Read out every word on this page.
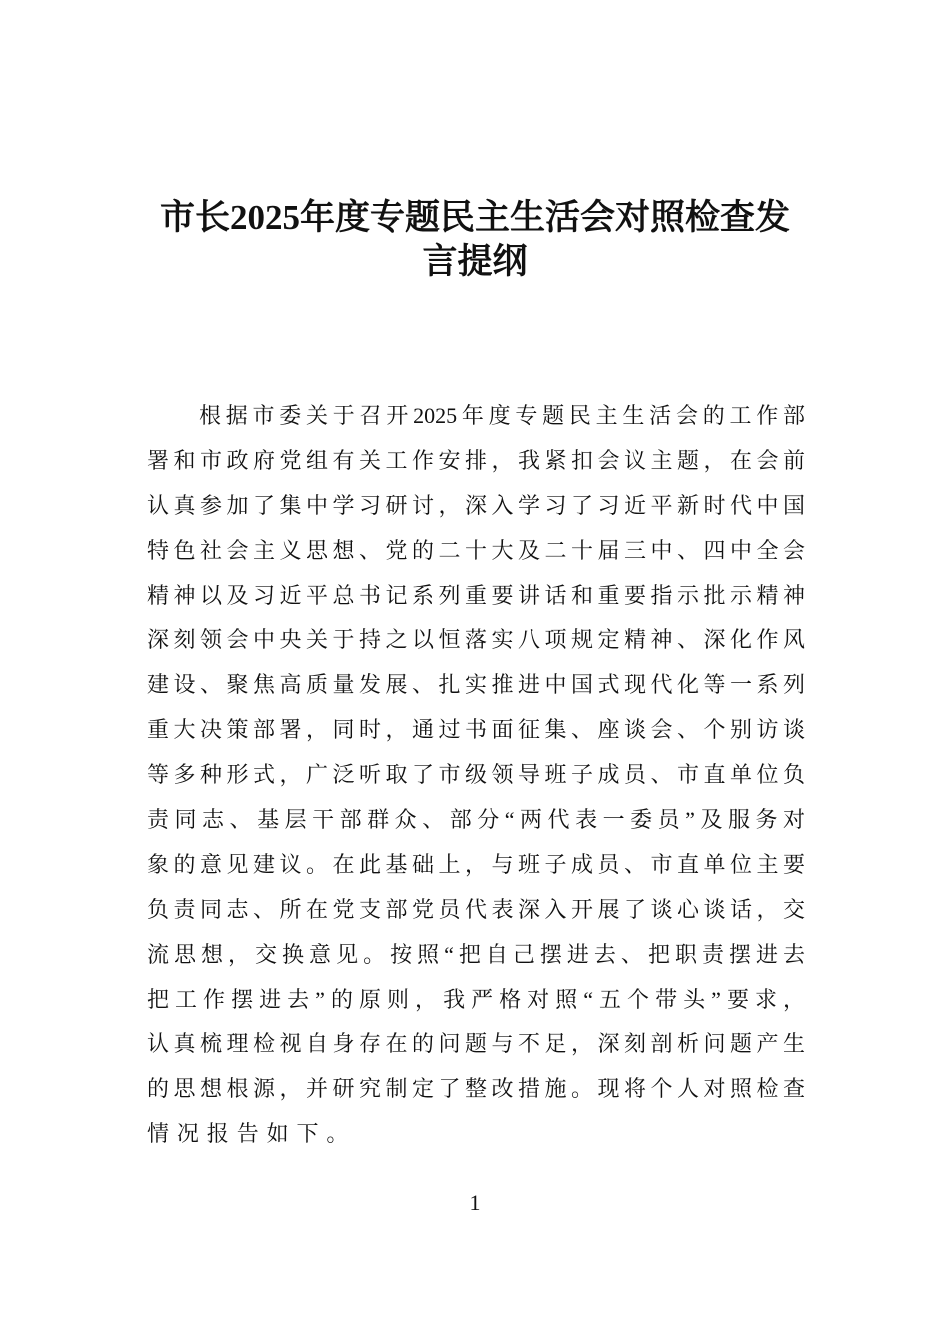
市长2025年度专题民主生活会对照检查发
言提纲
根据市委关于召开2025年度专题民主生活会的工作部
署和市政府党组有关工作安排，我紧扣会议主题，在会前
认真参加了集中学习研讨，深入学习了习近平新时代中国
特色社会主义思想、党的二十大及二十届三中、四中全会
精神以及习近平总书记系列重要讲话和重要指示批示精神
深刻领会中央关于持之以恒落实八项规定精神、深化作风
建设、聚焦高质量发展、扎实推进中国式现代化等一系列
重大决策部署，同时，通过书面征集、座谈会、个别访谈
等多种形式，广泛听取了市级领导班子成员、市直单位负
责同志、基层干部群众、部分“两代表一委员”及服务对
象的意见建议。在此基础上，与班子成员、市直单位主要
负责同志、所在党支部党员代表深入开展了谈心谈话，交
流思想，交换意见。按照“把自己摆进去、把职责摆进去
把工作摆进去”的原则，我严格对照“五个带头”要求，
认真梳理检视自身存在的问题与不足，深刻剖析问题产生
的思想根源，并研究制定了整改措施。现将个人对照检查
情况报告如下。
1
